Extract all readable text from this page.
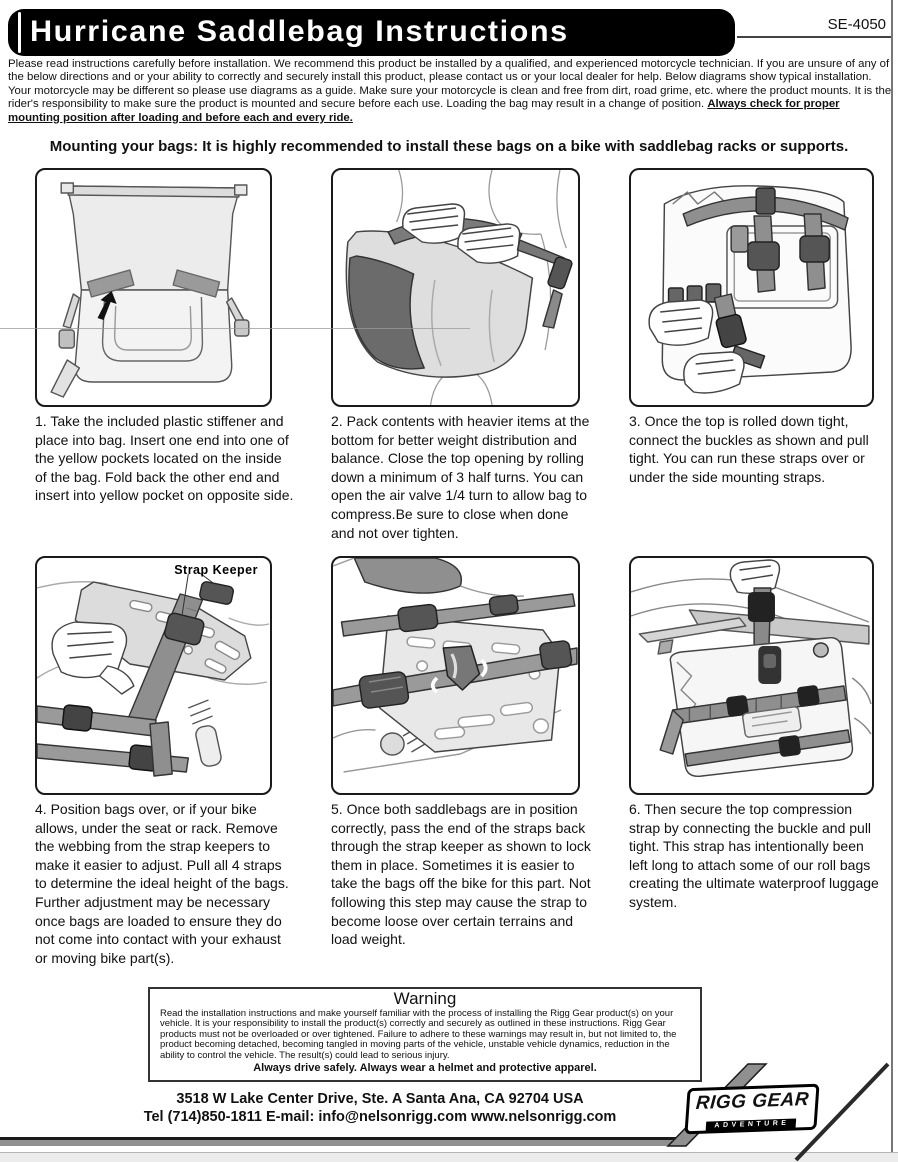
Hurricane Saddlebag Instructions	SE-4050
Please read instructions carefully before installation. We recommend this product be installed by a qualified, and experienced motorcycle technician. If you are unsure of any of the below directions and or your ability to correctly and securely install this product, please contact us or your local dealer for help. Below diagrams show typical installation. Your motorcycle may be different so please use diagrams as a guide. Make sure your motorcycle is clean and free from dirt, road grime, etc. where the product mounts. It is the rider's responsibility to make sure the product is mounted and secure before each use. Loading the bag may result in a change of position. Always check for proper mounting position after loading and before each and every ride.
Mounting your bags: It is highly recommended to install these bags on a bike with saddlebag racks or supports.
1. Take the included plastic stiffener and place into bag. Insert one end into one of the yellow pockets located on the inside of the bag. Fold back the other end and insert into yellow pocket on opposite side.
2. Pack contents with heavier items at the bottom for better weight distribution and balance. Close the top opening by rolling down a minimum of 3 half turns. You can open the air valve 1/4 turn to allow bag to compress.Be sure to close when done and not over tighten.
3. Once the top is rolled down tight, connect the buckles as shown and pull tight. You can run these straps over or under the side mounting straps.
Strap Keeper
4. Position bags over, or if your bike allows, under the seat or rack. Remove the webbing from the strap keepers to make it easier to adjust. Pull all 4 straps to determine the ideal height of the bags. Further adjustment may be necessary once bags are loaded to ensure they do not come into contact with your exhaust or moving bike part(s).
5. Once both saddlebags are in position correctly, pass the end of the straps back through the strap keeper as shown to lock them in place. Sometimes it is easier to take the bags off the bike for this part. Not following this step may cause the strap to become loose over certain terrains and load weight.
6. Then secure the top compression strap by connecting the buckle and pull tight. This strap has intentionally been left long to attach some of our roll bags creating the ultimate waterproof luggage system.
Warning
Read the installation instructions and make yourself familiar with the process of installing the Rigg Gear product(s) on your vehicle. It is your responsibility to install the product(s) correctly and securely as outlined in these instructions. Rigg Gear products must not be overloaded or over tightened. Failure to adhere to these warnings may result in, but not limited to, the product becoming detached, becoming tangled in moving parts of the vehicle, unstable vehicle dynamics, reduction in the ability to control the vehicle. The result(s) could lead to serious injury.
Always drive safely. Always wear a helmet and protective apparel.
3518 W Lake Center Drive, Ste. A Santa Ana, CA 92704 USA
Tel (714)850-1811 E-mail: info@nelsonrigg.com www.nelsonrigg.com
RIGG GEAR
ADVENTURE
